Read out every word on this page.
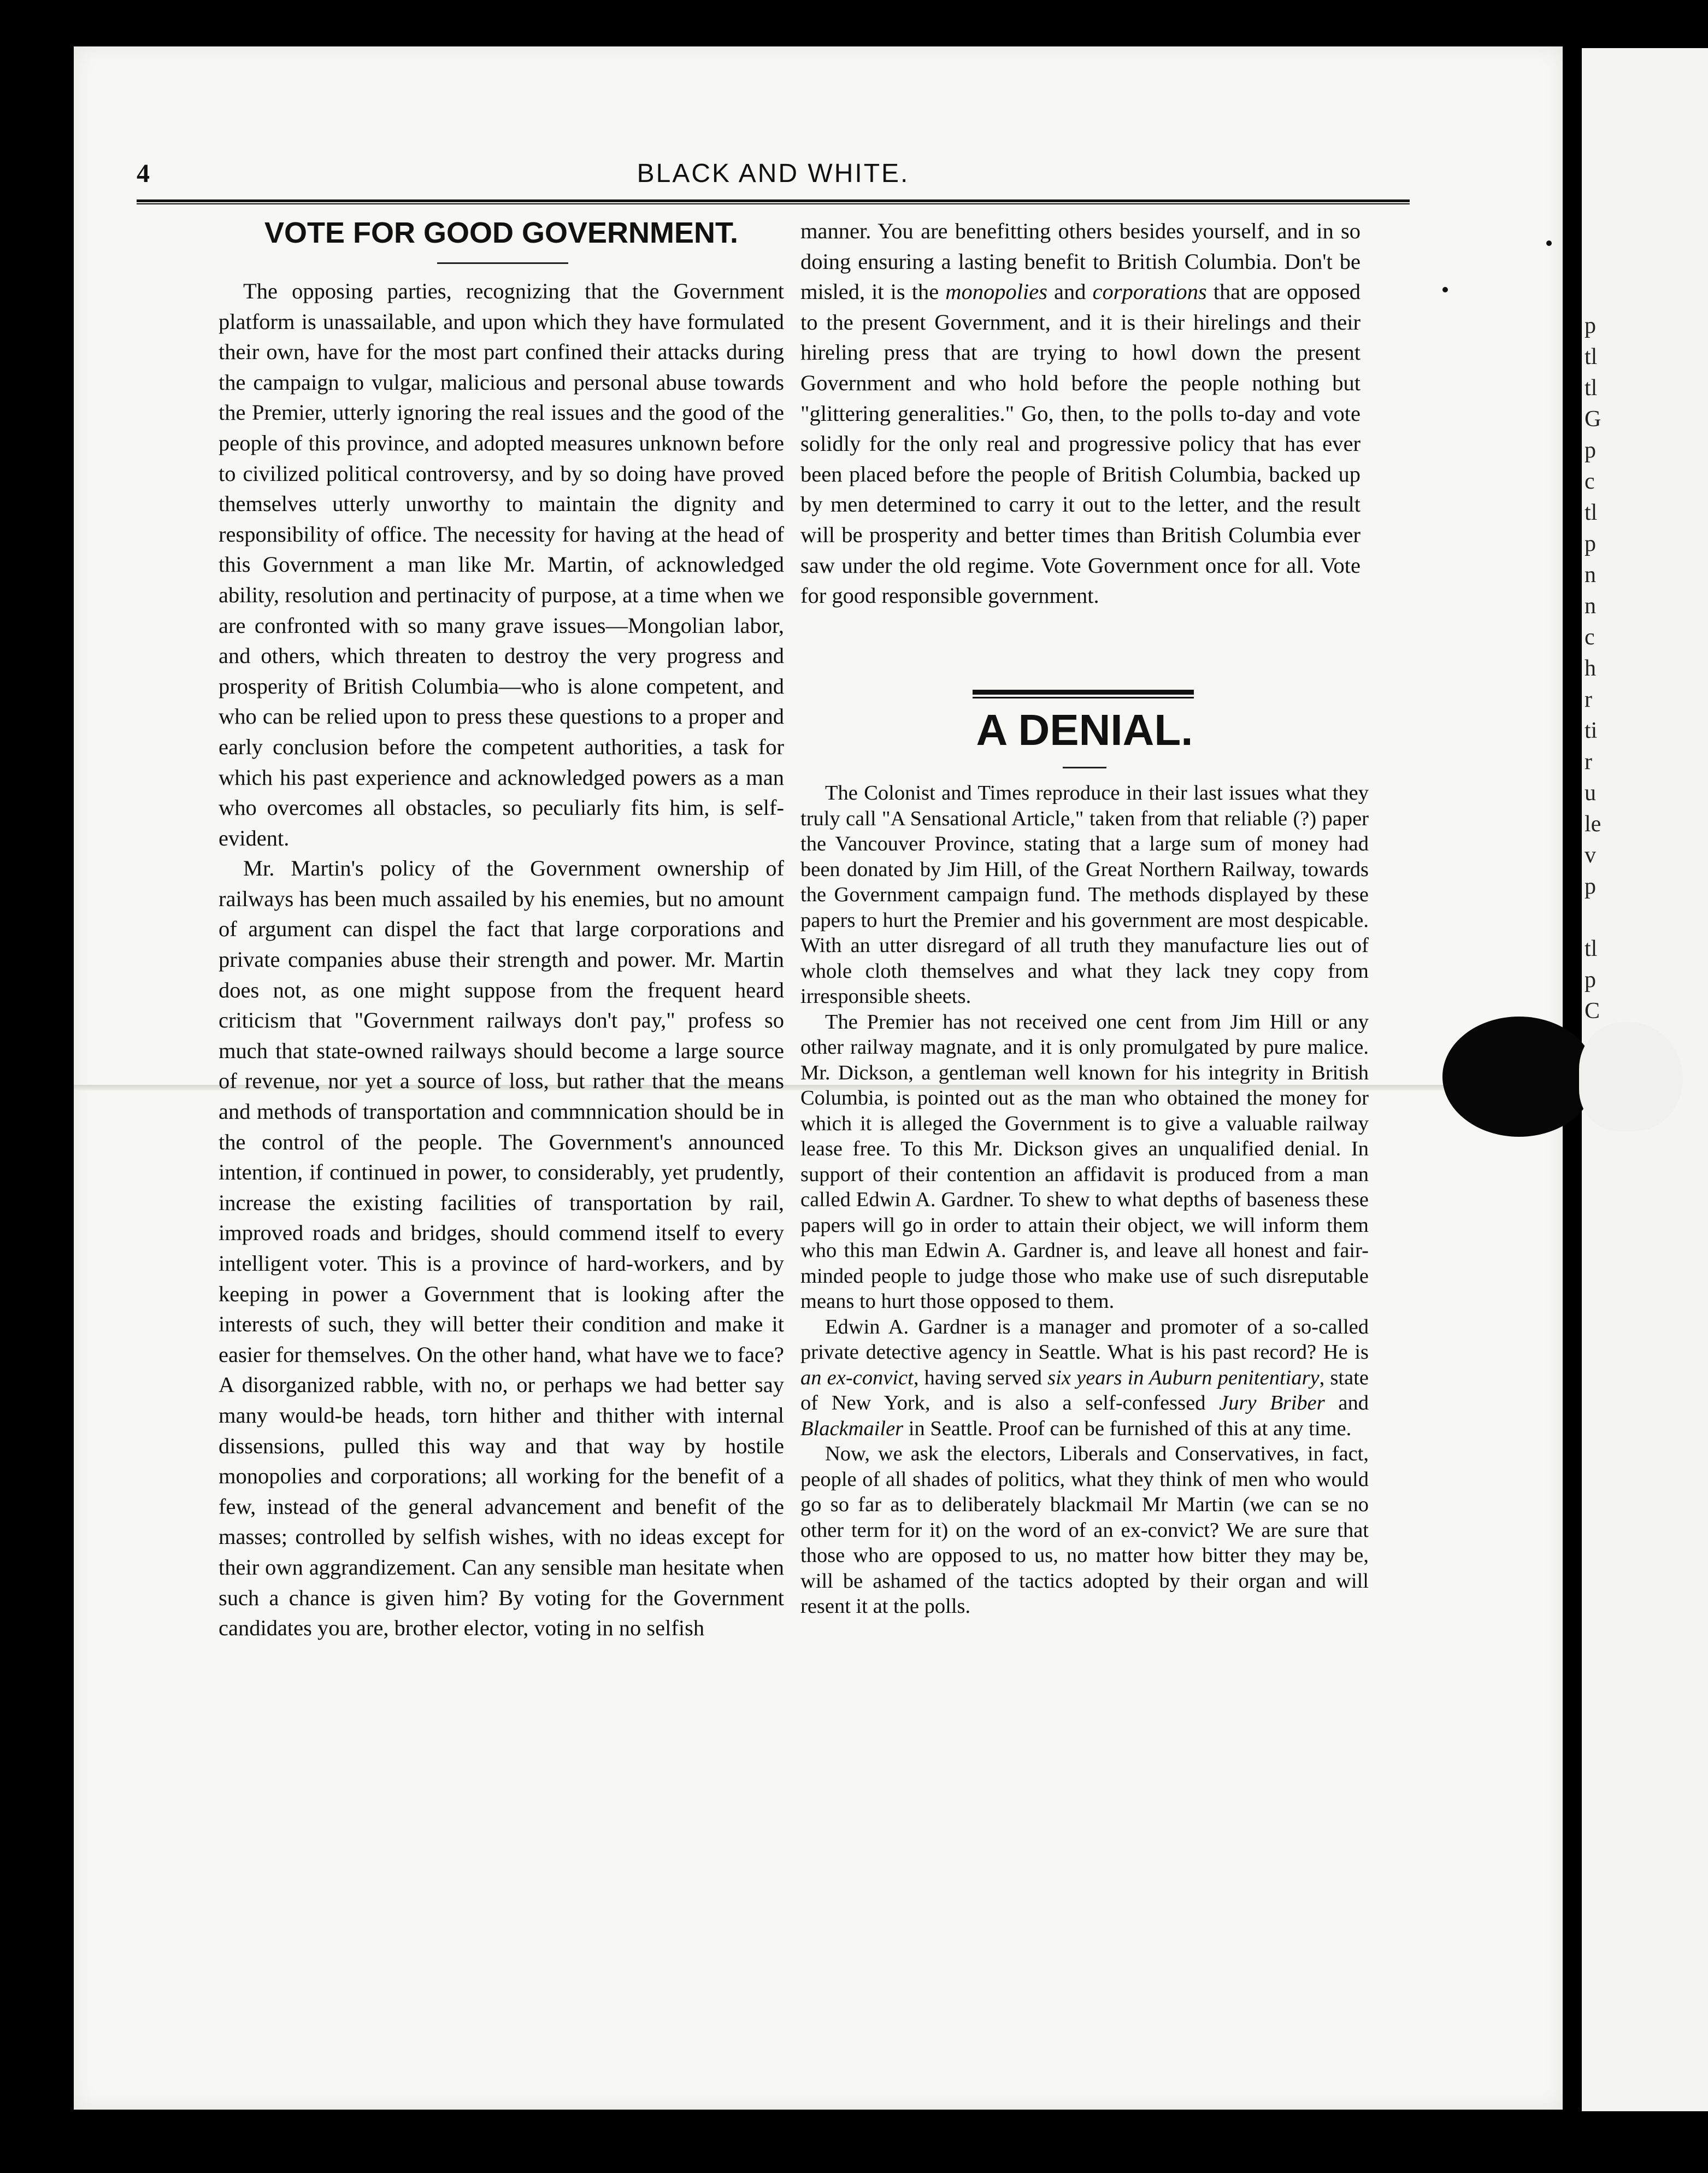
p
tl
tl
G
p
c
tl
p
n
n
c
h
r
ti
r
u
le
v
p
tl
p
C
4	BLACK AND WHITE.
VOTE FOR GOOD GOVERNMENT.

The opposing parties, recognizing that the Government platform is unassailable, and upon which they have formulated their own, have for the most part confined their attacks during the campaign to vulgar, malicious and personal abuse towards the Premier, utterly ignoring the real issues and the good of the people of this province, and adopted measures unknown before to civilized political controversy, and by so doing have proved themselves utterly unworthy to maintain the dignity and responsibility of office. The necessity for having at the head of this Government a man like Mr. Martin, of acknowledged ability, resolution and pertinacity of purpose, at a time when we are confronted with so many grave issues—Mongolian labor, and others, which threaten to destroy the very progress and prosperity of British Columbia—who is alone competent, and who can be relied upon to press these questions to a proper and early conclusion before the competent authorities, a task for which his past experience and acknowledged powers as a man who overcomes all obstacles, so peculiarly fits him, is self-evident.

Mr. Martin's policy of the Government ownership of railways has been much assailed by his enemies, but no amount of argument can dispel the fact that large corporations and private companies abuse their strength and power. Mr. Martin does not, as one might suppose from the frequent heard criticism that "Government railways don't pay," profess so much that state-owned railways should become a large source of revenue, nor yet a source of loss, but rather that the means and methods of transportation and commnnication should be in the control of the people. The Government's announced intention, if continued in power, to considerably, yet prudently, increase the existing facilities of transportation by rail, improved roads and bridges, should commend itself to every intelligent voter. This is a province of hard-workers, and by keeping in power a Government that is looking after the interests of such, they will better their condition and make it easier for themselves. On the other hand, what have we to face? A disorganized rabble, with no, or perhaps we had better say many would-be heads, torn hither and thither with internal dissensions, pulled this way and that way by hostile monopolies and corporations; all working for the benefit of a few, instead of the general advancement and benefit of the masses; controlled by selfish wishes, with no ideas except for their own aggrandizement. Can any sensible man hesitate when such a chance is given him? By voting for the Government candidates you are, brother elector, voting in no selfish

manner. You are benefitting others besides yourself, and in so doing ensuring a lasting benefit to British Columbia. Don't be misled, it is the monopolies and corporations that are opposed to the present Government, and it is their hirelings and their hireling press that are trying to howl down the present Government and who hold before the people nothing but "glittering generalities." Go, then, to the polls to-day and vote solidly for the only real and progressive policy that has ever been placed before the people of British Columbia, backed up by men determined to carry it out to the letter, and the result will be prosperity and better times than British Columbia ever saw under the old regime. Vote Government once for all. Vote for good responsible government.

A DENIAL.

The Colonist and Times reproduce in their last issues what they truly call "A Sensational Article," taken from that reliable (?) paper the Vancouver Province, stating that a large sum of money had been donated by Jim Hill, of the Great Northern Railway, towards the Government campaign fund. The methods displayed by these papers to hurt the Premier and his government are most despicable. With an utter disregard of all truth they manufacture lies out of whole cloth themselves and what they lack tney copy from irresponsible sheets.

The Premier has not received one cent from Jim Hill or any other railway magnate, and it is only promulgated by pure malice. Mr. Dickson, a gentleman well known for his integrity in British Columbia, is pointed out as the man who obtained the money for which it is alleged the Government is to give a valuable railway lease free. To this Mr. Dickson gives an unqualified denial. In support of their contention an affidavit is produced from a man called Edwin A. Gardner. To shew to what depths of baseness these papers will go in order to attain their object, we will inform them who this man Edwin A. Gardner is, and leave all honest and fair-minded people to judge those who make use of such disreputable means to hurt those opposed to them.

Edwin A. Gardner is a manager and promoter of a so-called private detective agency in Seattle. What is his past record? He is an ex-convict, having served six years in Auburn penitentiary, state of New York, and is also a self-confessed Jury Briber and Blackmailer in Seattle. Proof can be furnished of this at any time.

Now, we ask the electors, Liberals and Conservatives, in fact, people of all shades of politics, what they think of men who would go so far as to deliberately blackmail Mr Martin (we can se no other term for it) on the word of an ex-convict? We are sure that those who are opposed to us, no matter how bitter they may be, will be ashamed of the tactics adopted by their organ and will resent it at the polls.
